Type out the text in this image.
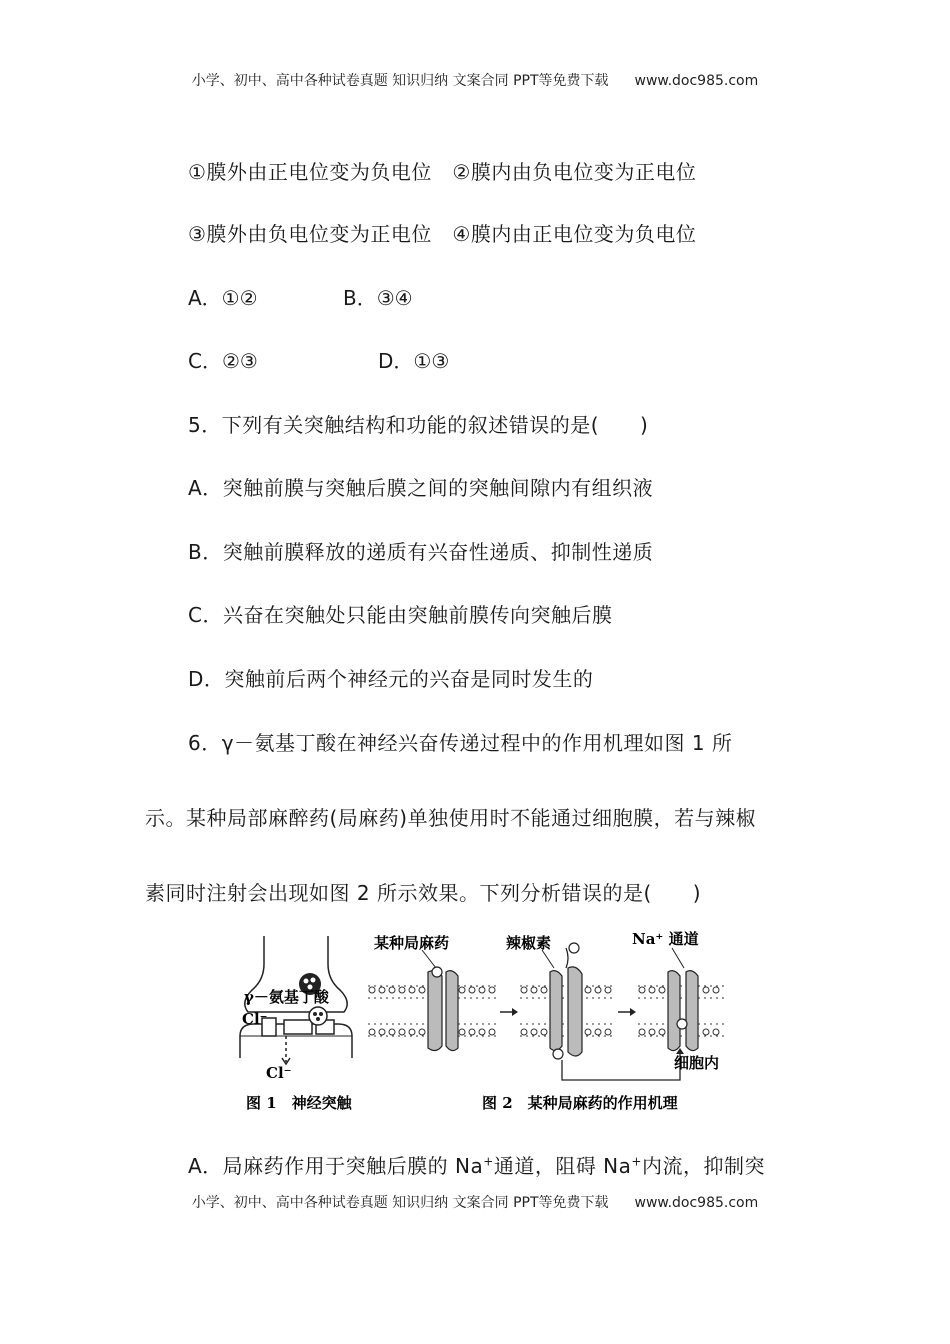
小学、初中、高中各种试卷真题 知识归纳 文案合同 PPT等免费下载 www.doc985.com
①膜外由正电位变为负电位　②膜内由负电位变为正电位
③膜外由负电位变为正电位　④膜内由正电位变为负电位
A．①②	B．③④
C．②③	D．①③
5．下列有关突触结构和功能的叙述错误的是(　　)
A．突触前膜与突触后膜之间的突触间隙内有组织液
B．突触前膜释放的递质有兴奋性递质、抑制性递质
C．兴奋在突触处只能由突触前膜传向突触后膜
D．突触前后两个神经元的兴奋是同时发生的
6．γ－氨基丁酸在神经兴奋传递过程中的作用机理如图 1 所
示。某种局部麻醉药(局麻药)单独使用时不能通过细胞膜，若与辣椒
素同时注射会出现如图 2 所示效果。下列分析错误的是(　　)
γ－氨基丁酸
Cl⁻
Cl⁻
图 1　神经突触
某种局麻药	辣椒素	Na⁺ 通道
细胞内
图 2　某种局麻药的作用机理
A．局麻药作用于突触后膜的 Na+通道，阻碍 Na+内流，抑制突
小学、初中、高中各种试卷真题 知识归纳 文案合同 PPT等免费下载 www.doc985.com
